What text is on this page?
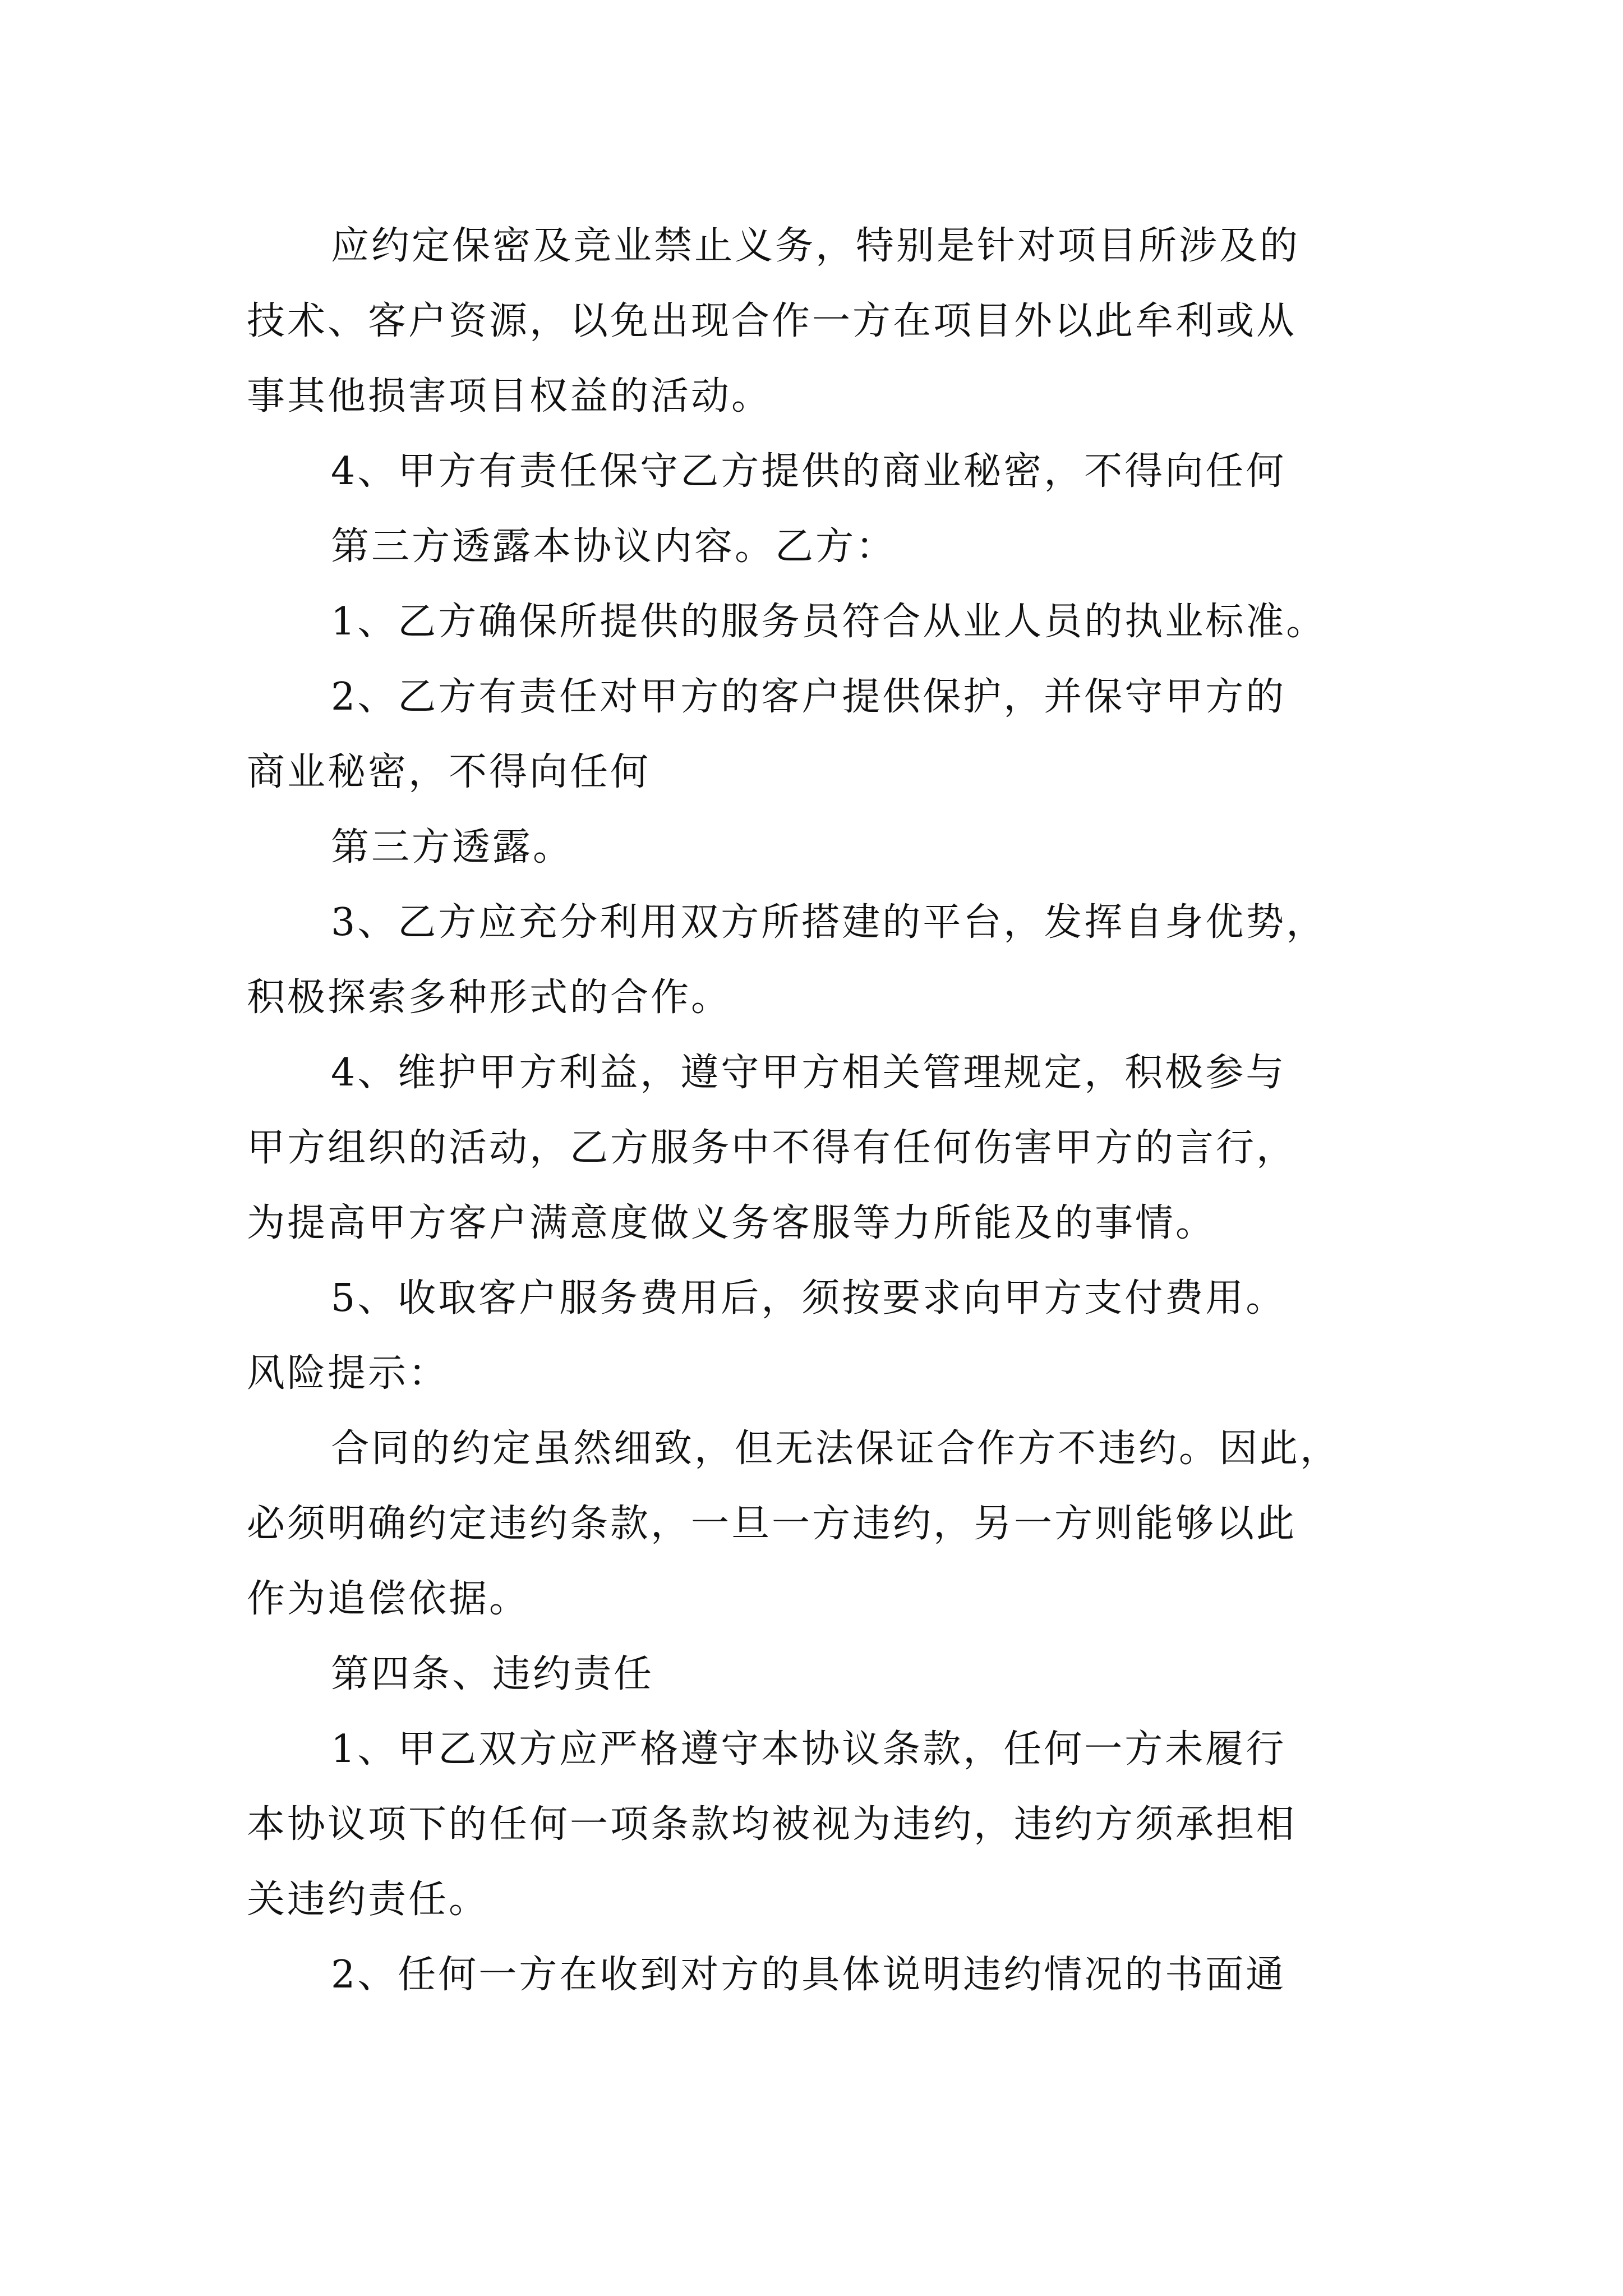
应约定保密及竞业禁止义务，特别是针对项目所涉及的
技术、客户资源，以免出现合作一方在项目外以此牟利或从
事其他损害项目权益的活动。
4、甲方有责任保守乙方提供的商业秘密，不得向任何
第三方透露本协议内容。乙方：
1、乙方确保所提供的服务员符合从业人员的执业标准。
2、乙方有责任对甲方的客户提供保护，并保守甲方的
商业秘密，不得向任何
第三方透露。
3、乙方应充分利用双方所搭建的平台，发挥自身优势，
积极探索多种形式的合作。
4、维护甲方利益，遵守甲方相关管理规定，积极参与
甲方组织的活动，乙方服务中不得有任何伤害甲方的言行，
为提高甲方客户满意度做义务客服等力所能及的事情。
5、收取客户服务费用后，须按要求向甲方支付费用。
风险提示：
合同的约定虽然细致，但无法保证合作方不违约。因此，
必须明确约定违约条款，一旦一方违约，另一方则能够以此
作为追偿依据。
第四条、违约责任
1、甲乙双方应严格遵守本协议条款，任何一方未履行
本协议项下的任何一项条款均被视为违约，违约方须承担相
关违约责任。
2、任何一方在收到对方的具体说明违约情况的书面通
